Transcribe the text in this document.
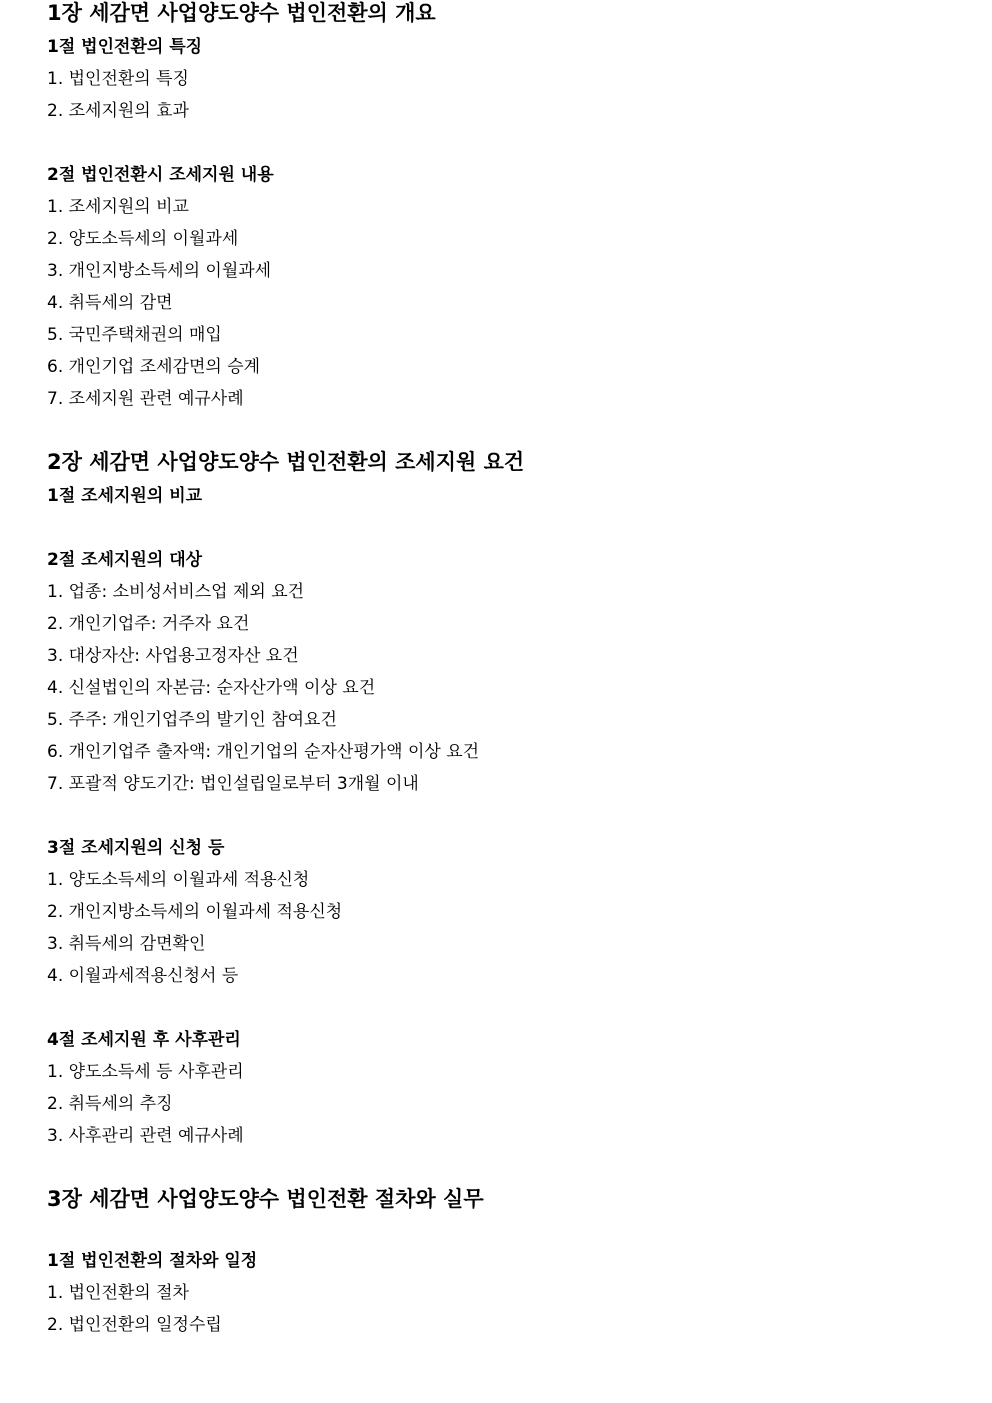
1장 세감면 사업양도양수 법인전환의 개요
1절 법인전환의 특징
1. 법인전환의 특징
2. 조세지원의 효과
2절 법인전환시 조세지원 내용
1. 조세지원의 비교
2. 양도소득세의 이월과세
3. 개인지방소득세의 이월과세
4. 취득세의 감면
5. 국민주택채권의 매입
6. 개인기업 조세감면의 승계
7. 조세지원 관련 예규사례
2장 세감면 사업양도양수 법인전환의 조세지원 요건
1절 조세지원의 비교
2절 조세지원의 대상
1. 업종: 소비성서비스업 제외 요건
2. 개인기업주: 거주자 요건
3. 대상자산: 사업용고정자산 요건
4. 신설법인의 자본금: 순자산가액 이상 요건
5. 주주: 개인기업주의 발기인 참여요건
6. 개인기업주 출자액: 개인기업의 순자산평가액 이상 요건
7. 포괄적 양도기간: 법인설립일로부터 3개월 이내
3절 조세지원의 신청 등
1. 양도소득세의 이월과세 적용신청
2. 개인지방소득세의 이월과세 적용신청
3. 취득세의 감면확인
4. 이월과세적용신청서 등
4절 조세지원 후 사후관리
1. 양도소득세 등 사후관리
2. 취득세의 추징
3. 사후관리 관련 예규사례
3장 세감면 사업양도양수 법인전환 절차와 실무
1절 법인전환의 절차와 일정
1. 법인전환의 절차
2. 법인전환의 일정수립
